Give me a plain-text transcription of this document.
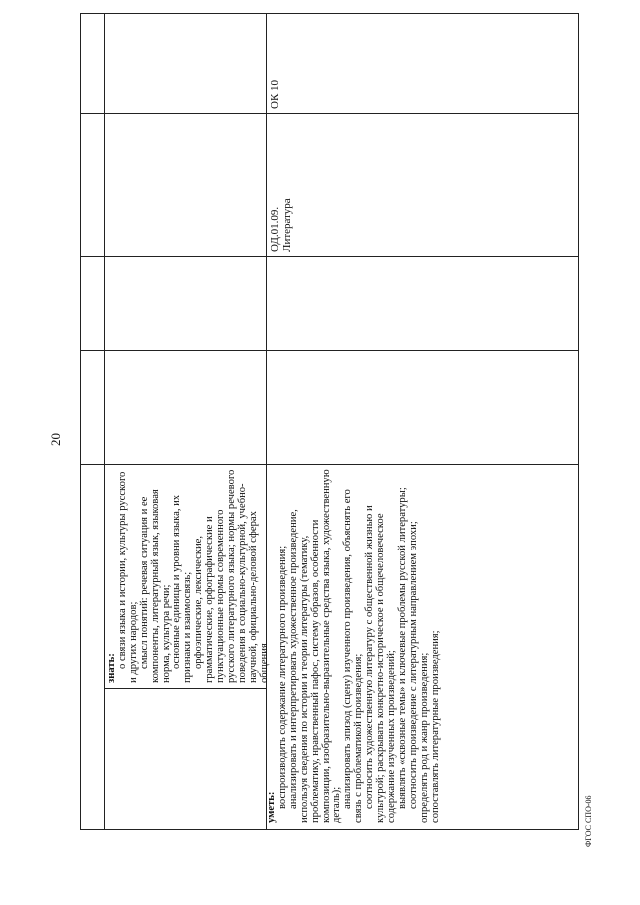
20

знать: о связи языка и истории, культуры русского и других народов; смысл понятий: речевая ситуация и ее компоненты, литературный язык, языковая норма, культура речи; основные единицы и уровни языка, их признаки и взаимосвязь; орфоэпические, лексические, грамматические, орфографические и пунктуационные нормы современного русского литературного языка; нормы речевого поведения в социально-культурной, учебно-научной, официально-деловой сферах общения

уметь: воспроизводить содержание литературного произведения; анализировать и интерпретировать художественное произведение, используя сведения по истории и теории литературы (тематику, проблематику, нравственный пафос, систему образов, особенности композиции, изобразительно-выразительные средства языка, художественную деталь); анализировать эпизод (сцену) изученного произведения, объяснять его связь с проблематикой произведения; соотносить художественную литературу с общественной жизнью и культурой; раскрывать конкретно-историческое и общечеловеческое содержание изученных произведений; выявлять «сквозные темы» и ключевые проблемы русской литературы; соотносить произведение с литературным направлением эпохи; определять род и жанр произведения; сопоставлять литературные произведения;

ОД.01.09. Литература
ОК 10
ФГОС СПО-06
